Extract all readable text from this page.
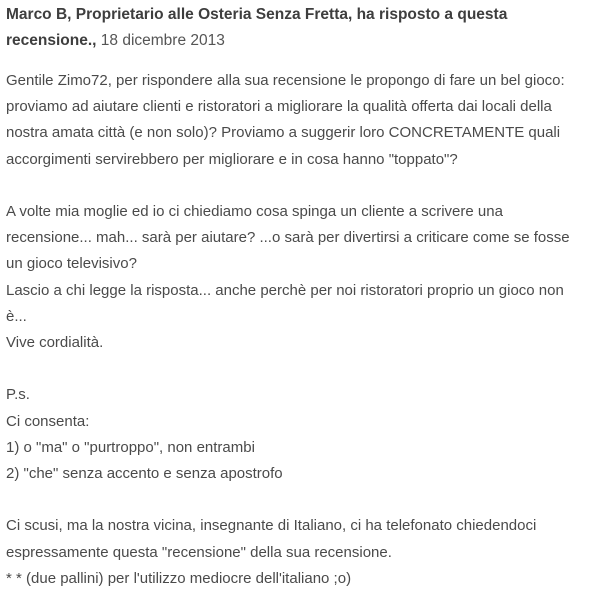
Marco B, Proprietario alle Osteria Senza Fretta, ha risposto a questa recensione., 18 dicembre 2013

Gentile Zimo72, per rispondere alla sua recensione le propongo di fare un bel gioco:

proviamo ad aiutare clienti e ristoratori a migliorare la qualità offerta dai locali della

nostra amata città (e non solo)? Proviamo a suggerir loro CONCRETAMENTE quali

accorgimenti servirebbero per migliorare e in cosa hanno "toppato"?

A volte mia moglie ed io ci chiediamo cosa spinga un cliente a scrivere una

recensione... mah... sarà per aiutare? ...o sarà per divertirsi a criticare come se fosse

un gioco televisivo?

Lascio a chi legge la risposta... anche perchè per noi ristoratori proprio un gioco non

è...

Vive cordialità.

P.s.

Ci consenta:

1) o "ma" o "purtroppo", non entrambi

2) "che" senza accento e senza apostrofo

Ci scusi, ma la nostra vicina, insegnante di Italiano, ci ha telefonato chiedendoci

espressamente questa "recensione" della sua recensione.

* * (due pallini) per l'utilizzo mediocre dell'italiano ;o)
